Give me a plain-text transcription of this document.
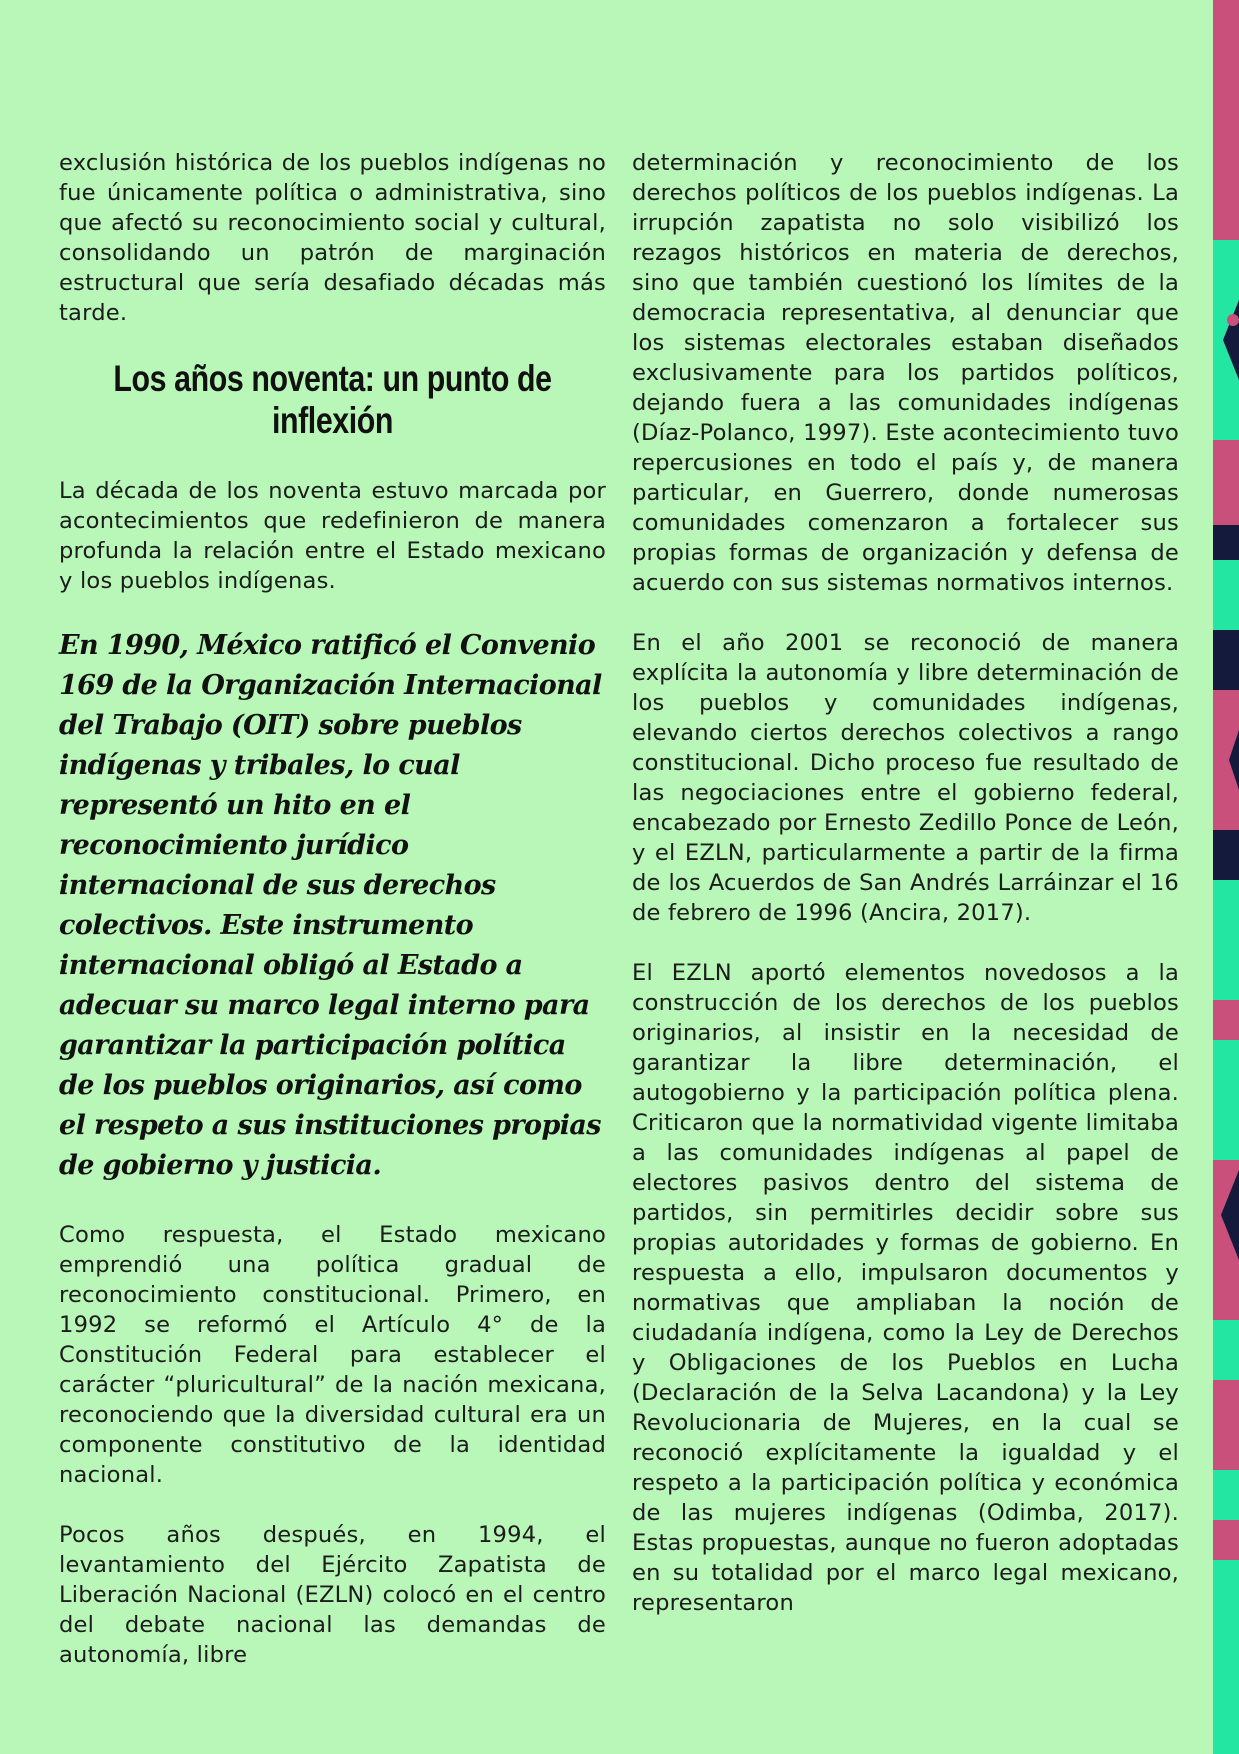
exclusión histórica de los pueblos indígenas no fue únicamente política o administrativa, sino que afectó su reconocimiento social y cultural, consolidando un patrón de marginación estructural que sería desafiado décadas más tarde.

Los años noventa: un punto de inflexión

La década de los noventa estuvo marcada por acontecimientos que redefinieron de manera profunda la relación entre el Estado mexicano y los pueblos indígenas.

En 1990, México ratificó el Convenio 169 de la Organización Internacional del Trabajo (OIT) sobre pueblos indígenas y tribales, lo cual representó un hito en el reconocimiento jurídico internacional de sus derechos colectivos. Este instrumento internacional obligó al Estado a adecuar su marco legal interno para garantizar la participación política de los pueblos originarios, así como el respeto a sus instituciones propias de gobierno y justicia.

Como respuesta, el Estado mexicano emprendió una política gradual de reconocimiento constitucional. Primero, en 1992 se reformó el Artículo 4° de la Constitución Federal para establecer el carácter “pluricultural” de la nación mexicana, reconociendo que la diversidad cultural era un componente constitutivo de la identidad nacional.

Pocos años después, en 1994, el levantamiento del Ejército Zapatista de Liberación Nacional (EZLN) colocó en el centro del debate nacional las demandas de autonomía, libre

determinación y reconocimiento de los derechos políticos de los pueblos indígenas. La irrupción zapatista no solo visibilizó los rezagos históricos en materia de derechos, sino que también cuestionó los límites de la democracia representativa, al denunciar que los sistemas electorales estaban diseñados exclusivamente para los partidos políticos, dejando fuera a las comunidades indígenas (Díaz-Polanco, 1997). Este acontecimiento tuvo repercusiones en todo el país y, de manera particular, en Guerrero, donde numerosas comunidades comenzaron a fortalecer sus propias formas de organización y defensa de acuerdo con sus sistemas normativos internos.

En el año 2001 se reconoció de manera explícita la autonomía y libre determinación de los pueblos y comunidades indígenas, elevando ciertos derechos colectivos a rango constitucional. Dicho proceso fue resultado de las negociaciones entre el gobierno federal, encabezado por Ernesto Zedillo Ponce de León, y el EZLN, particularmente a partir de la firma de los Acuerdos de San Andrés Larráinzar el 16 de febrero de 1996 (Ancira, 2017).

El EZLN aportó elementos novedosos a la construcción de los derechos de los pueblos originarios, al insistir en la necesidad de garantizar la libre determinación, el autogobierno y la participación política plena. Criticaron que la normatividad vigente limitaba a las comunidades indígenas al papel de electores pasivos dentro del sistema de partidos, sin permitirles decidir sobre sus propias autoridades y formas de gobierno. En respuesta a ello, impulsaron documentos y normativas que ampliaban la noción de ciudadanía indígena, como la Ley de Derechos y Obligaciones de los Pueblos en Lucha (Declaración de la Selva Lacandona) y la Ley Revolucionaria de Mujeres, en la cual se reconoció explícitamente la igualdad y el respeto a la participación política y económica de las mujeres indígenas (Odimba, 2017). Estas propuestas, aunque no fueron adoptadas en su totalidad por el marco legal mexicano, representaron
